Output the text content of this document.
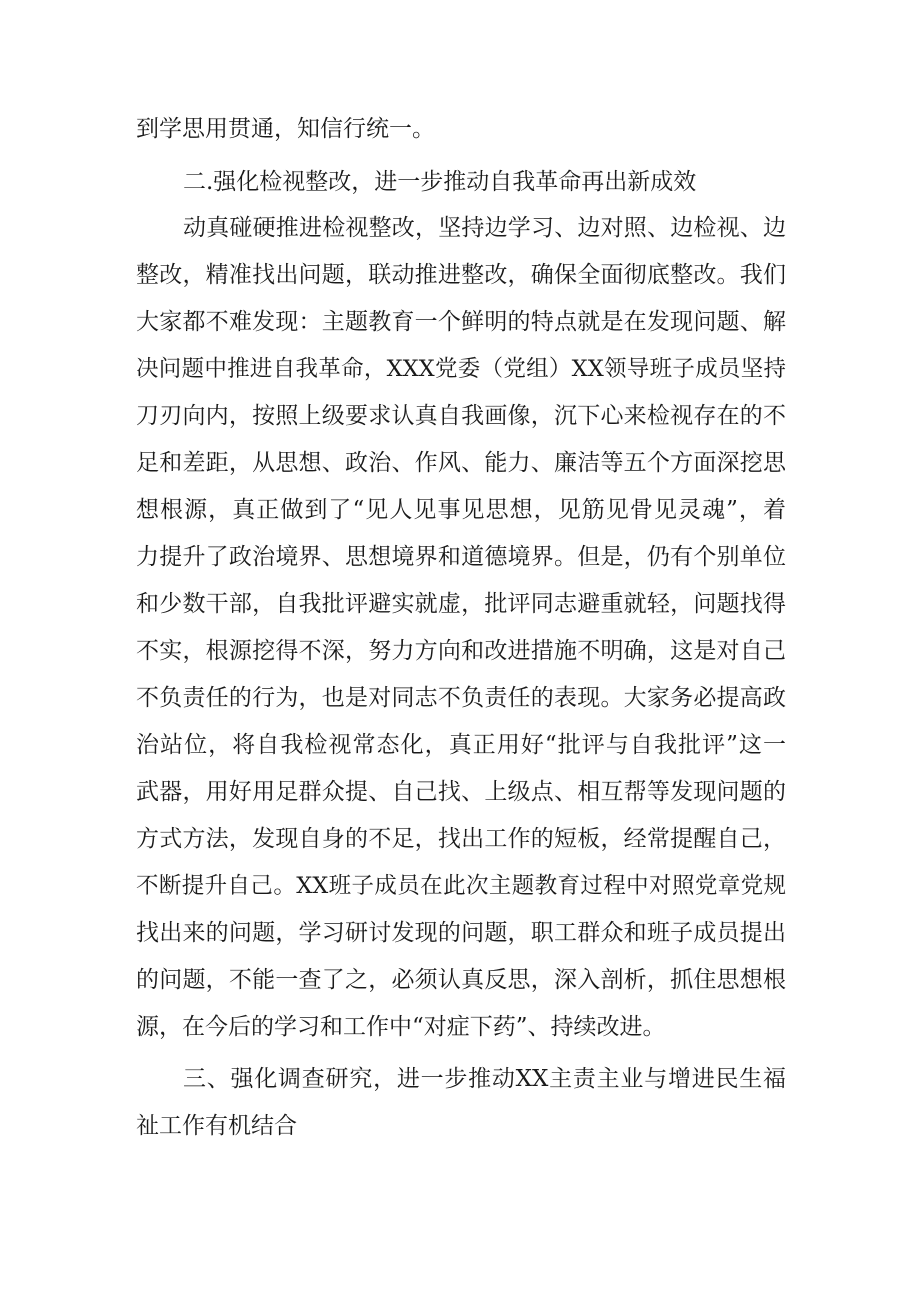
到学思用贯通，知信行统一。
二.强化检视整改，进一步推动自我革命再出新成效
动真碰硬推进检视整改，坚持边学习、边对照、边检视、边
整改，精准找出问题，联动推进整改，确保全面彻底整改。我们
大家都不难发现：主题教育一个鲜明的特点就是在发现问题、解
决问题中推进自我革命，XXX党委（党组）XX领导班子成员坚持
刀刃向内，按照上级要求认真自我画像，沉下心来检视存在的不
足和差距，从思想、政治、作风、能力、廉洁等五个方面深挖思
想根源，真正做到了“见人见事见思想，见筋见骨见灵魂”，着
力提升了政治境界、思想境界和道德境界。但是，仍有个别单位
和少数干部，自我批评避实就虚，批评同志避重就轻，问题找得
不实，根源挖得不深，努力方向和改进措施不明确，这是对自己
不负责任的行为，也是对同志不负责任的表现。大家务必提高政
治站位，将自我检视常态化，真正用好“批评与自我批评”这一
武器，用好用足群众提、自己找、上级点、相互帮等发现问题的
方式方法，发现自身的不足，找出工作的短板，经常提醒自己，
不断提升自己。XX班子成员在此次主题教育过程中对照党章党规
找出来的问题，学习研讨发现的问题，职工群众和班子成员提出
的问题，不能一查了之，必须认真反思，深入剖析，抓住思想根
源，在今后的学习和工作中“对症下药”、持续改进。
三、强化调查研究，进一步推动XX主责主业与增进民生福
祉工作有机结合
